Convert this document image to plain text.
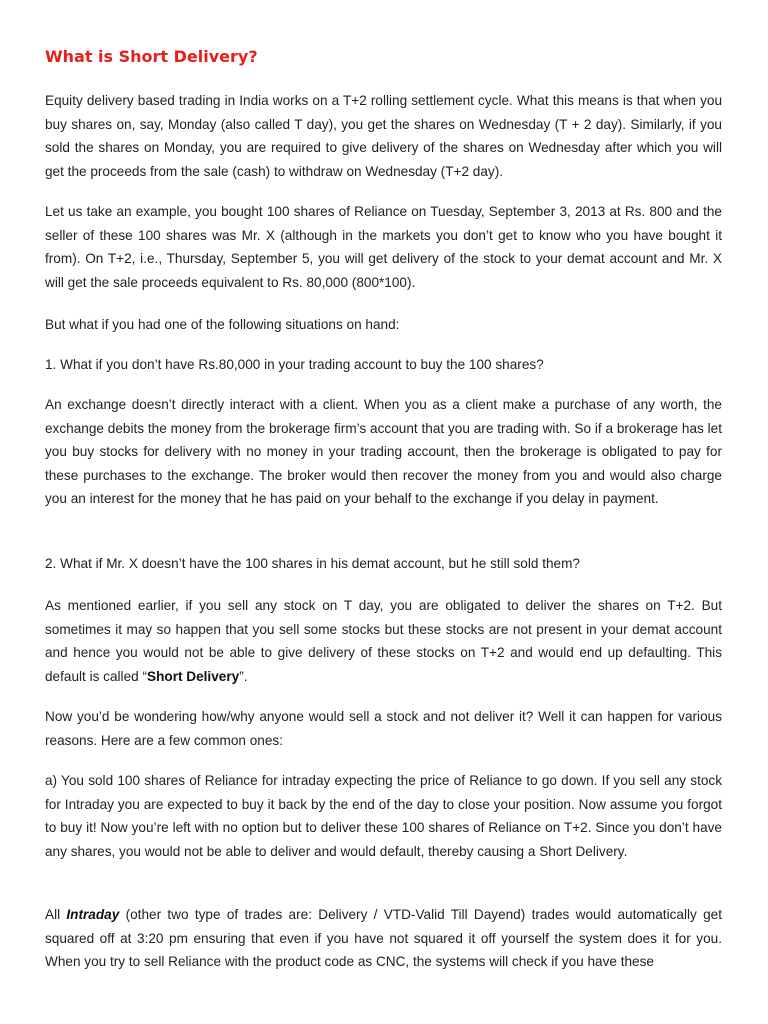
What is Short Delivery?

Equity delivery based trading in India works on a T+2 rolling settlement cycle. What this means is that when you buy shares on, say, Monday (also called T day), you get the shares on Wednesday (T + 2 day). Similarly, if you sold the shares on Monday, you are required to give delivery of the shares on Wednesday after which you will get the proceeds from the sale (cash) to withdraw on Wednesday (T+2 day).

Let us take an example, you bought 100 shares of Reliance on Tuesday, September 3, 2013 at Rs. 800 and the seller of these 100 shares was Mr. X (although in the markets you don’t get to know who you have bought it from). On T+2, i.e., Thursday, September 5, you will get delivery of the stock to your demat account and Mr. X will get the sale proceeds equivalent to Rs. 80,000 (800*100).

But what if you had one of the following situations on hand:

1. What if you don’t have Rs.80,000 in your trading account to buy the 100 shares?

An exchange doesn’t directly interact with a client. When you as a client make a purchase of any worth, the exchange debits the money from the brokerage firm’s account that you are trading with. So if a brokerage has let you buy stocks for delivery with no money in your trading account, then the brokerage is obligated to pay for these purchases to the exchange. The broker would then recover the money from you and would also charge you an interest for the money that he has paid on your behalf to the exchange if you delay in payment.

2. What if Mr. X doesn’t have the 100 shares in his demat account, but he still sold them?

As mentioned earlier, if you sell any stock on T day, you are obligated to deliver the shares on T+2. But sometimes it may so happen that you sell some stocks but these stocks are not present in your demat account and hence you would not be able to give delivery of these stocks on T+2 and would end up defaulting. This default is called “Short Delivery”.

Now you’d be wondering how/why anyone would sell a stock and not deliver it? Well it can happen for various reasons. Here are a few common ones:

a) You sold 100 shares of Reliance for intraday expecting the price of Reliance to go down. If you sell any stock for Intraday you are expected to buy it back by the end of the day to close your position. Now assume you forgot to buy it! Now you’re left with no option but to deliver these 100 shares of Reliance on T+2. Since you don’t have any shares, you would not be able to deliver and would default, thereby causing a Short Delivery.

All Intraday (other two type of trades are: Delivery / VTD-Valid Till Dayend) trades would automatically get squared off at 3:20 pm ensuring that even if you have not squared it off yourself the system does it for you. When you try to sell Reliance with the product code as CNC, the systems will check if you have these
